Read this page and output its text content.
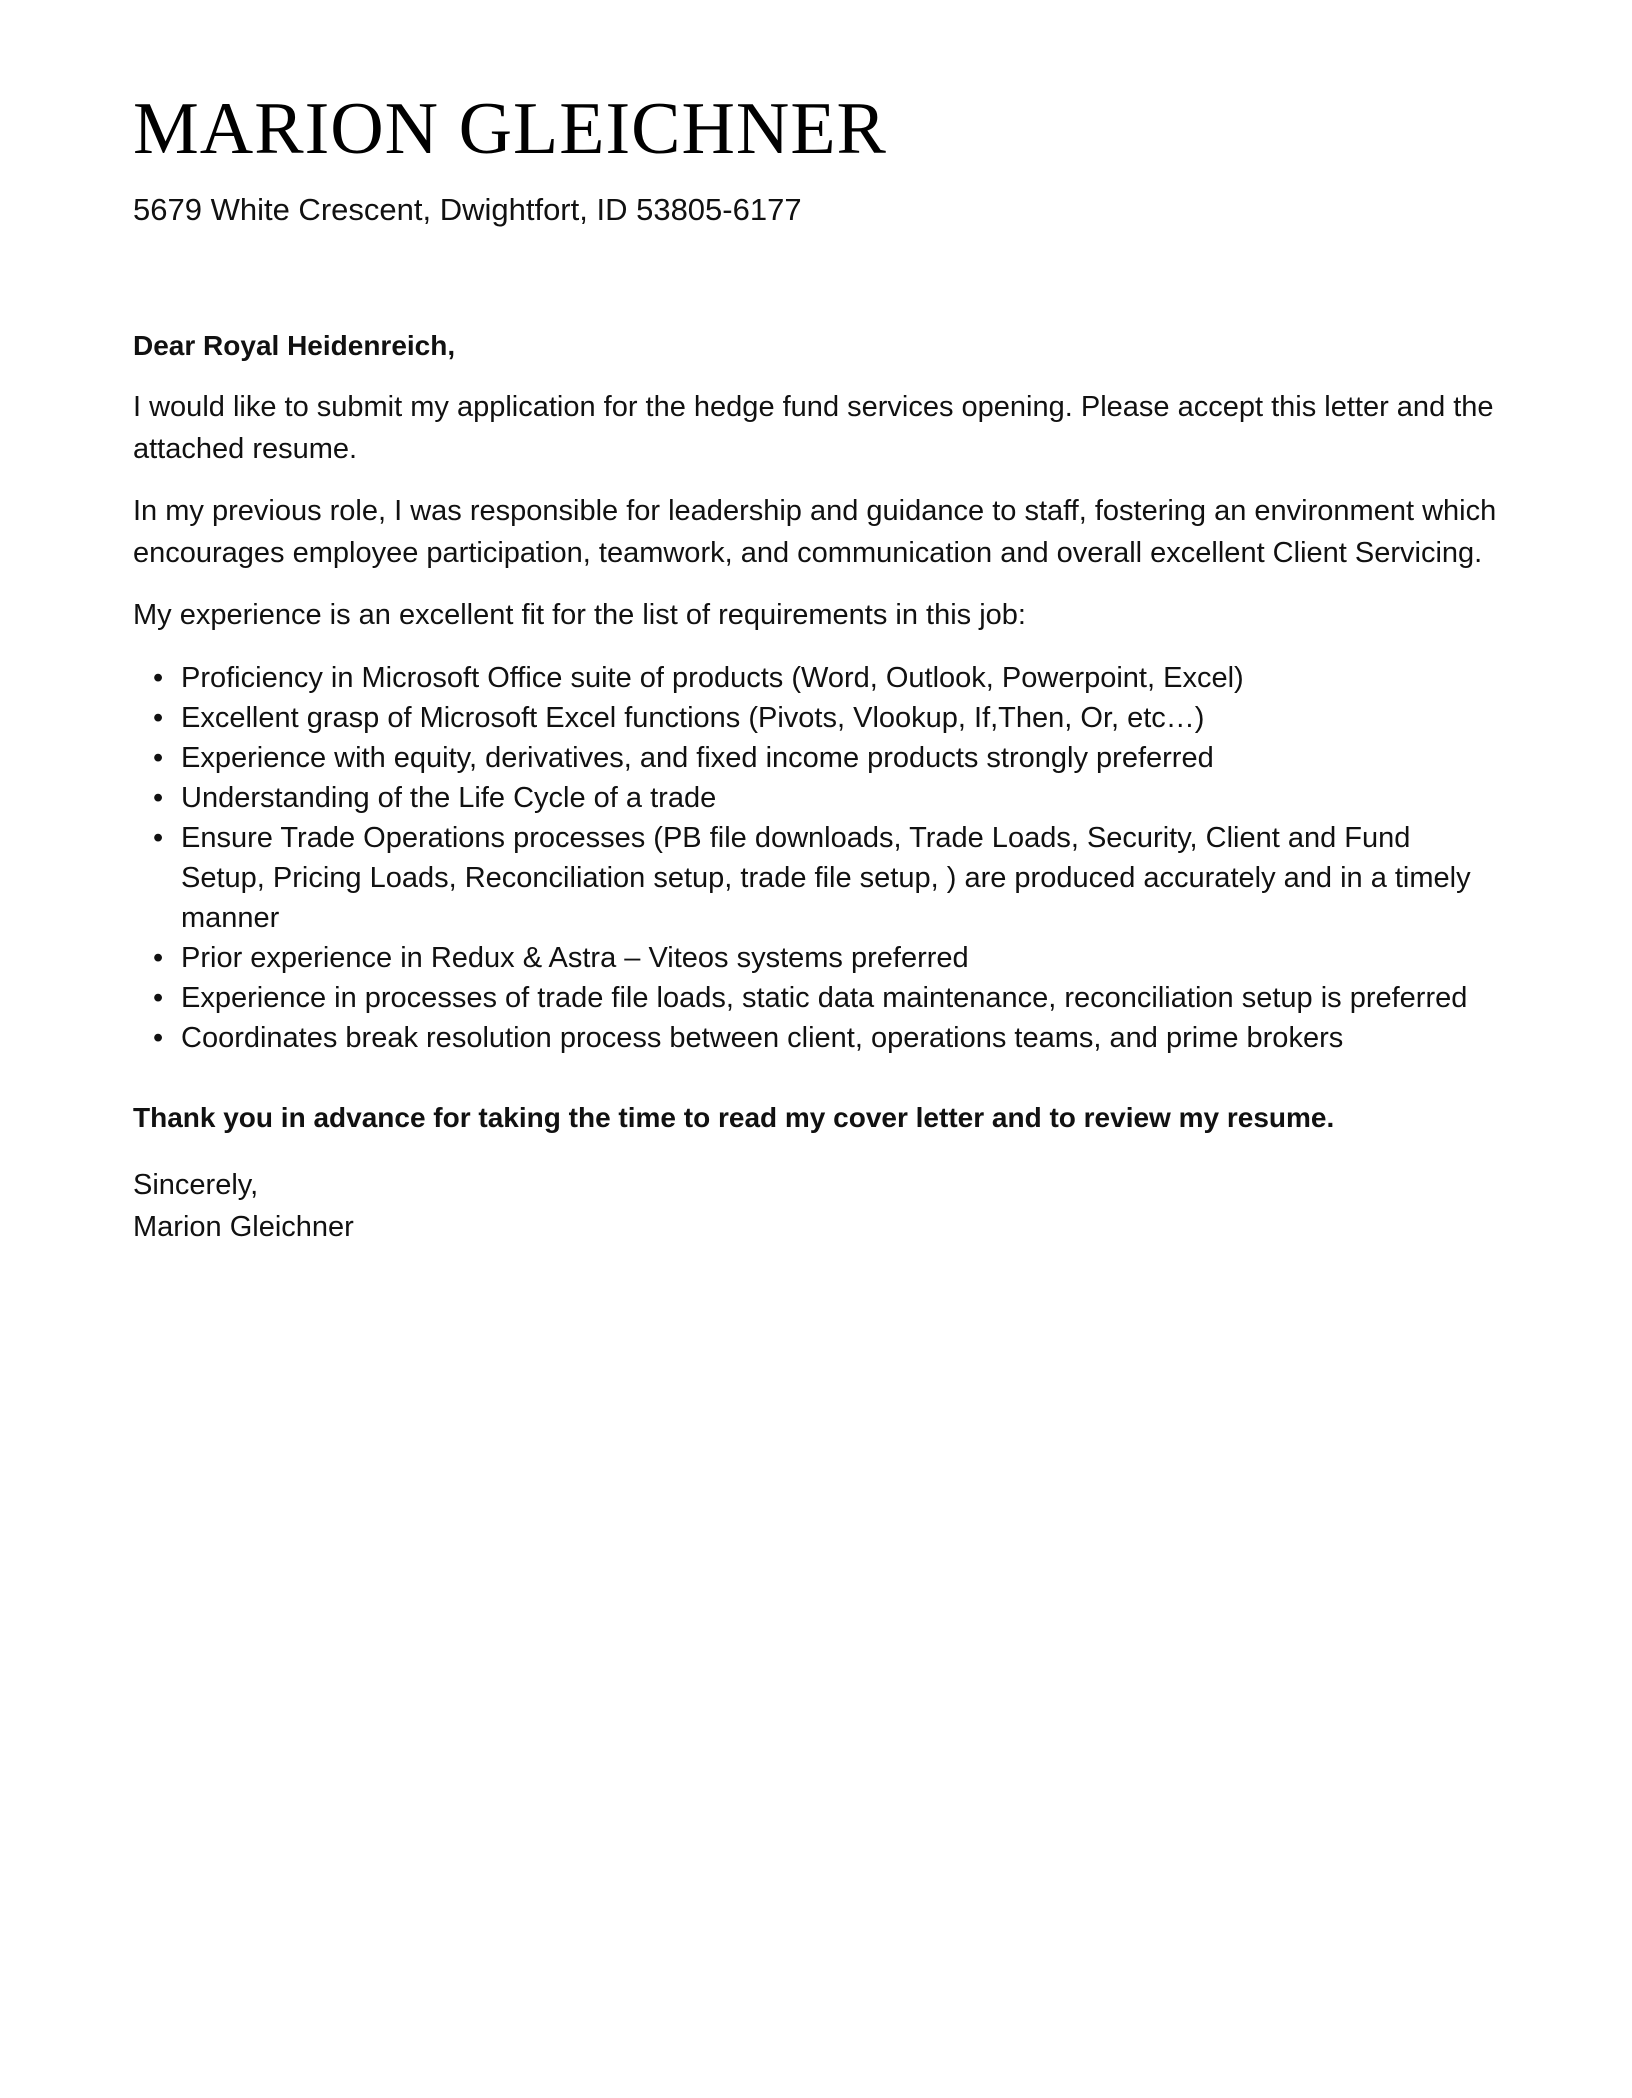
MARION GLEICHNER

5679 White Crescent, Dwightfort, ID 53805-6177

Dear Royal Heidenreich,

I would like to submit my application for the hedge fund services opening. Please accept this letter and the attached resume.

In my previous role, I was responsible for leadership and guidance to staff, fostering an environment which encourages employee participation, teamwork, and communication and overall excellent Client Servicing.

My experience is an excellent fit for the list of requirements in this job:

• Proficiency in Microsoft Office suite of products (Word, Outlook, Powerpoint, Excel)
• Excellent grasp of Microsoft Excel functions (Pivots, Vlookup, If,Then, Or, etc…)
• Experience with equity, derivatives, and fixed income products strongly preferred
• Understanding of the Life Cycle of a trade
• Ensure Trade Operations processes (PB file downloads, Trade Loads, Security, Client and Fund Setup, Pricing Loads, Reconciliation setup, trade file setup, ) are produced accurately and in a timely manner
• Prior experience in Redux & Astra – Viteos systems preferred
• Experience in processes of trade file loads, static data maintenance, reconciliation setup is preferred
• Coordinates break resolution process between client, operations teams, and prime brokers

Thank you in advance for taking the time to read my cover letter and to review my resume.

Sincerely,
Marion Gleichner
